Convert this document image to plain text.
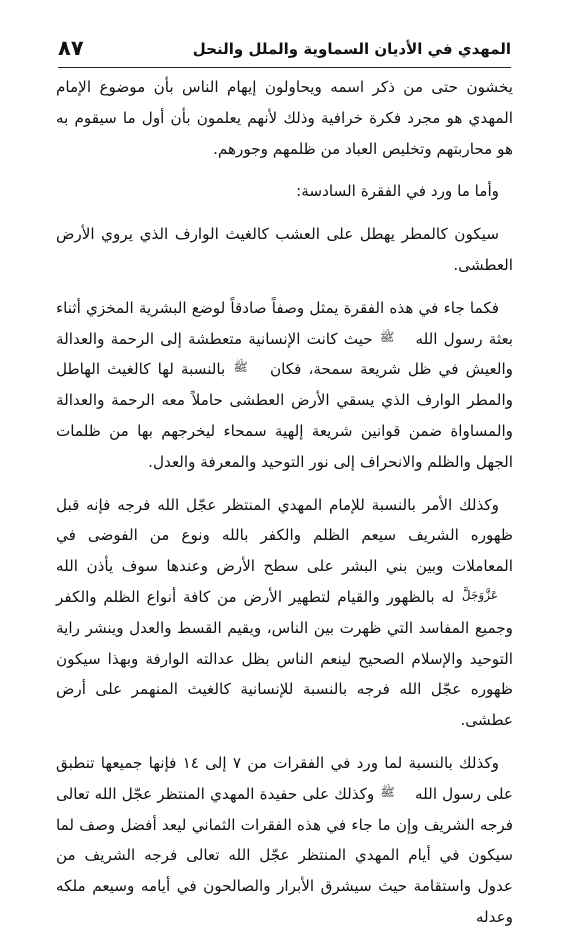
المهدي في الأديان السماوية والملل والنحل
٨٧

يخشون حتى من ذكر اسمه ويحاولون إيهام الناس بأن موضوع الإمام المهدي هو مجرد فكرة خرافية وذلك لأنهم يعلمون بأن أول ما سيقوم به هو محاربتهم وتخليص العباد من ظلمهم وجورهم.

وأما ما ورد في الفقرة السادسة:

سيكون كالمطر يهطل على العشب كالغيث الوارف الذي يروي الأرض العطشى.

فكما جاء في هذه الفقرة يمثل وصفاً صادقاً لوضع البشرية المخزي أثناء بعثة رسول الله ﷺ حيث كانت الإنسانية متعطشة إلى الرحمة والعدالة والعيش في ظل شريعة سمحة، فكان ﷺ بالنسبة لها كالغيث الهاطل والمطر الوارف الذي يسقي الأرض العطشى حاملاً معه الرحمة والعدالة والمساواة ضمن قوانين شريعة إلهية سمحاء ليخرجهم بها من ظلمات الجهل والظلم والانحراف إلى نور التوحيد والمعرفة والعدل.

وكذلك الأمر بالنسبة للإمام المهدي المنتظر عجّل الله فرجه فإنه قبل ظهوره الشريف سيعم الظلم والكفر بالله ونوع من الفوضى في المعاملات وبين بني البشر على سطح الأرض وعندها سوف يأذن الله عَزَّوَجَلَّ له بالظهور والقيام لتطهير الأرض من كافة أنواع الظلم والكفر وجميع المفاسد التي ظهرت بين الناس، ويقيم القسط والعدل وينشر راية التوحيد والإسلام الصحيح لينعم الناس بظل عدالته الوارفة وبهذا سيكون ظهوره عجّل الله فرجه بالنسبة للإنسانية كالغيث المنهمر على أرض عطشى.

وكذلك بالنسبة لما ورد في الفقرات من ٧ إلى ١٤ فإنها جميعها تنطبق على رسول الله ﷺ وكذلك على حفيدة المهدي المنتظر عجّل الله تعالى فرجه الشريف وإن ما جاء في هذه الفقرات الثماني ليعد أفضل وصف لما سيكون في أيام المهدي المنتظر عجّل الله تعالى فرجه الشريف من عدول واستقامة حيث سيشرق الأبرار والصالحون في أيامه وسيعم ملكه وعدله
